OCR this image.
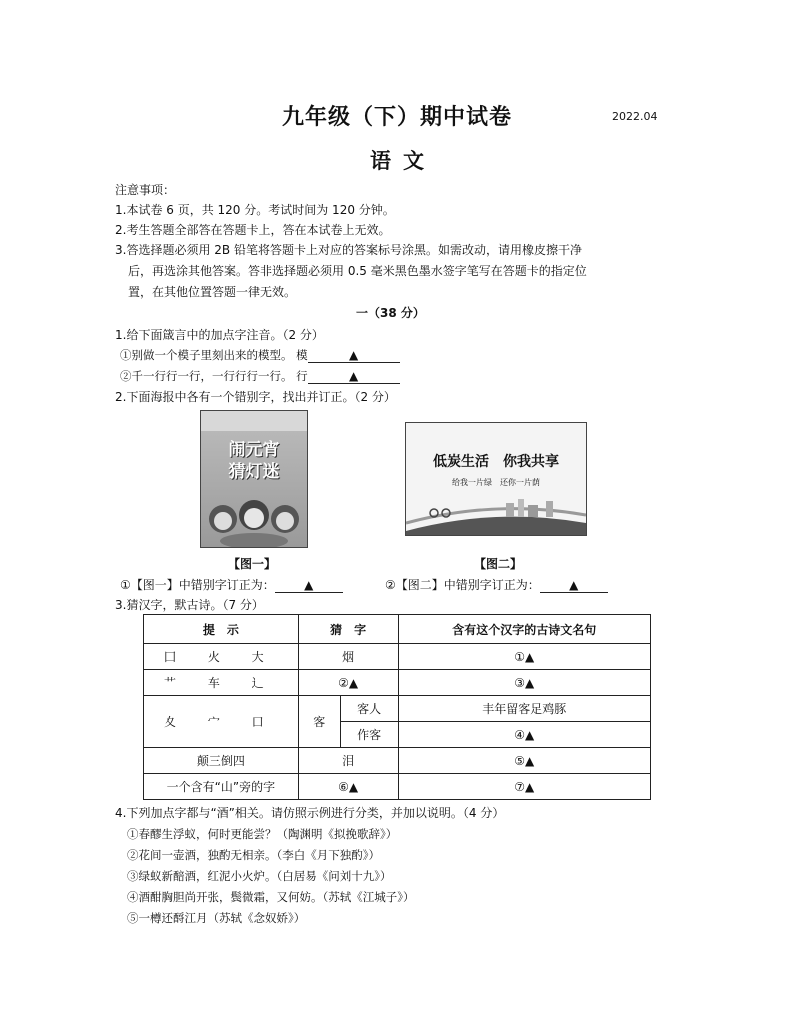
九年级（下）期中试卷	2022.04
语 文
注意事项：
1.本试卷 6 页，共 120 分。考试时间为 120 分钟。
2.考生答题全部答在答题卡上，答在本试卷上无效。
3.答选择题必须用 2B 铅笔将答题卡上对应的答案标号涂黑。如需改动，请用橡皮擦干净
后，再选涂其他答案。答非选择题必须用 0.5 毫米黑色墨水签字笔写在答题卡的指定位
置，在其他位置答题一律无效。
一（38 分）
1.给下面箴言中的加点字注音。（2 分）
①别做一个模子里刻出来的模型。 模	▲
②千一行行一行，一行行行一行。 行	▲
2.下面海报中各有一个错别字，找出并订正。（2 分）
闹元宵
猜灯迷	低炭生活　你我共享
给我一片绿　还你一片荫
【图一】	【图二】
①【图一】中错别字订正为： ▲	②【图二】中错别字订正为： ▲
3.猜汉字，默古诗。（7 分）
提　示	猜　字		含有这个汉字的古诗文名句
囗 火 大	烟		①▲
艹 车 辶	②▲		③▲
夊 宀 口	客	客人	丰年留客足鸡豚
		作客	④▲
颠三倒四	泪		⑤▲
一个含有“山”旁的字	⑥▲		⑦▲
4.下列加点字都与“酒”相关。请仿照示例进行分类，并加以说明。（4 分）
①春醪生浮蚁，何时更能尝？（陶渊明《拟挽歌辞》）
②花间一壶酒，独酌无相亲。（李白《月下独酌》）
③绿蚁新醅酒，红泥小火炉。（白居易《问刘十九》）
④酒酣胸胆尚开张，鬓微霜，又何妨。（苏轼《江城子》）
⑤一樽还酹江月（苏轼《念奴娇》）
